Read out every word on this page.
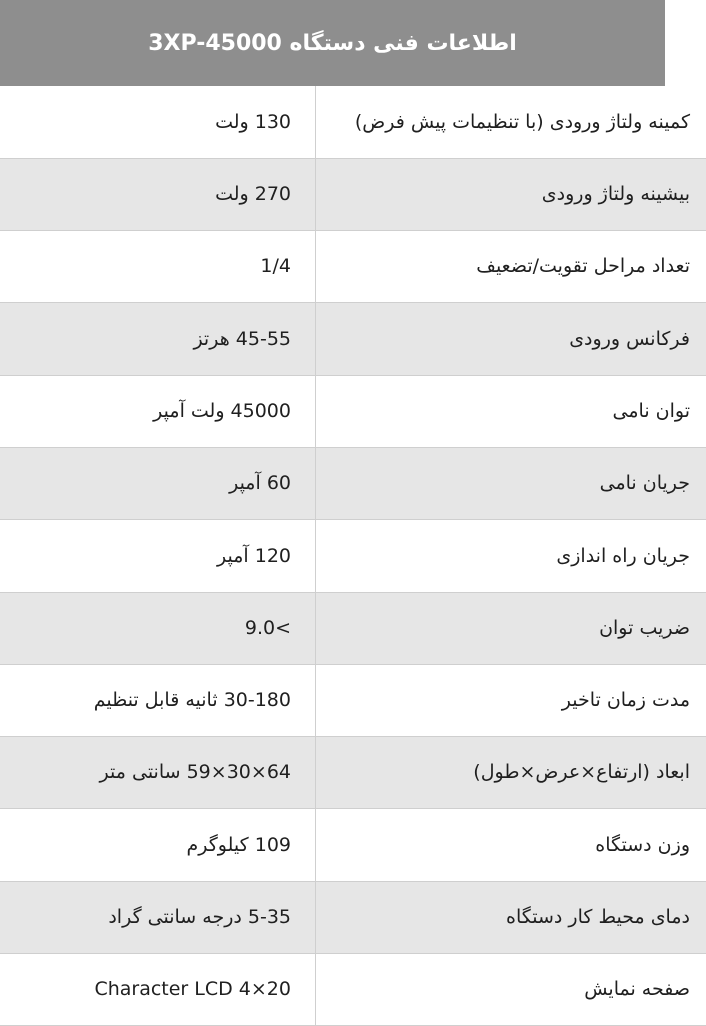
اطلاعات فنی دستگاه 3XP-45000
130 ولت	کمینه ولتاژ ورودی (با تنظیمات پیش فرض)
270 ولت	بیشینه ولتاژ ورودی
1/4	تعداد مراحل تقویت/تضعیف
45-55 هرتز	فرکانس ورودی
45000 ولت آمپر	توان نامی
60 آمپر	جریان نامی
120 آمپر	جریان راه اندازی
9.0<	ضریب توان
30-180 ثانیه قابل تنظیم	مدت زمان تاخیر
64×30×59 سانتی متر	ابعاد (ارتفاع×عرض×طول)
109 کیلوگرم	وزن دستگاه
5-35 درجه سانتی گراد	دمای محیط کار دستگاه
Character LCD 4×20	صفحه نمایش
